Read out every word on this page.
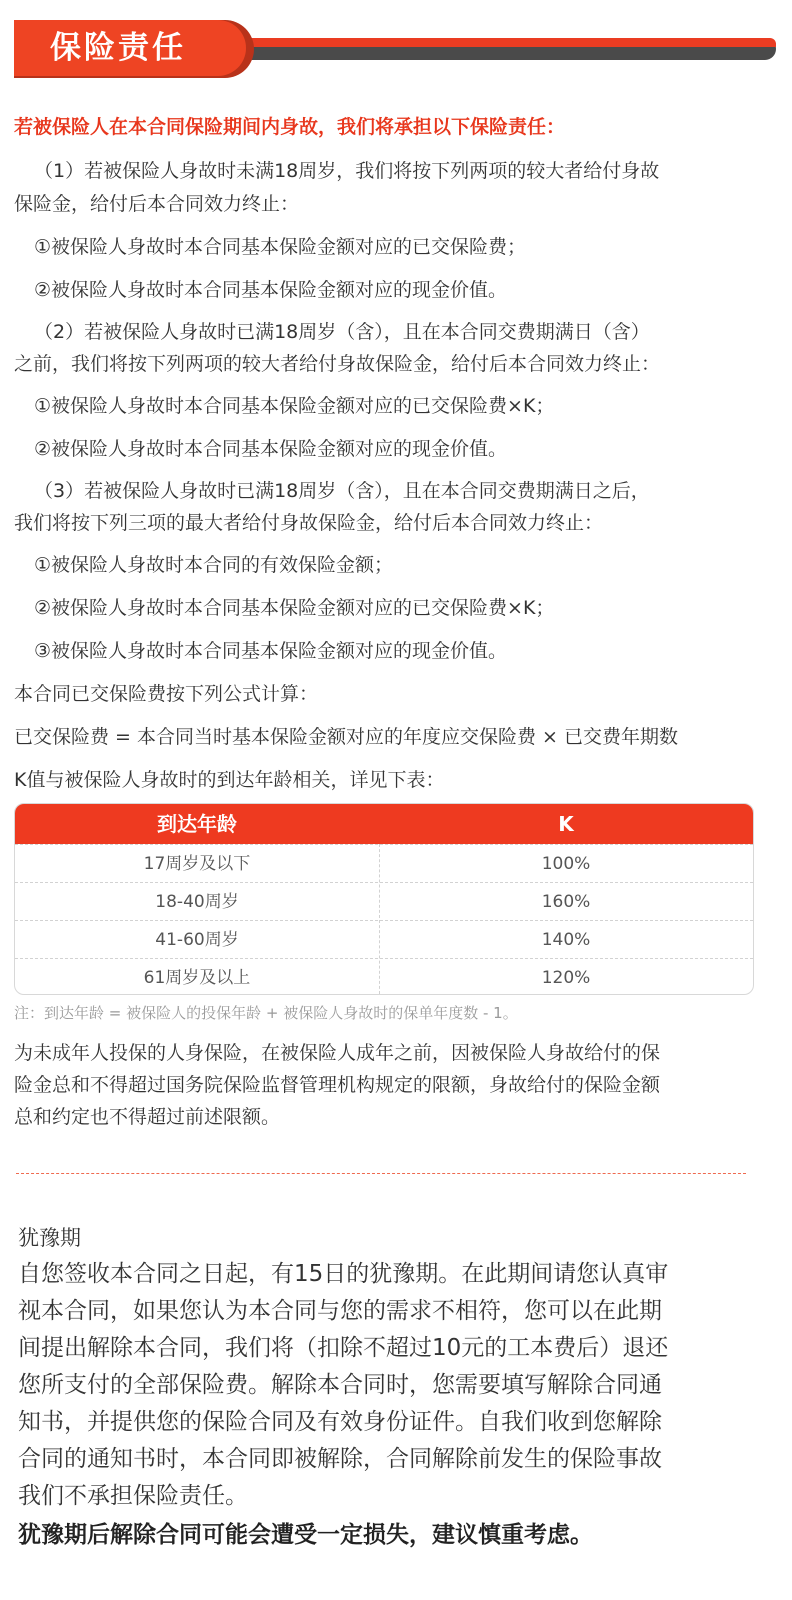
保险责任
若被保险人在本合同保险期间内身故，我们将承担以下保险责任：
（1）若被保险人身故时未满18周岁，我们将按下列两项的较大者给付身故
保险金，给付后本合同效力终止：
①被保险人身故时本合同基本保险金额对应的已交保险费；
②被保险人身故时本合同基本保险金额对应的现金价值。
（2）若被保险人身故时已满18周岁（含），且在本合同交费期满日（含）
之前，我们将按下列两项的较大者给付身故保险金，给付后本合同效力终止：
①被保险人身故时本合同基本保险金额对应的已交保险费×K；
②被保险人身故时本合同基本保险金额对应的现金价值。
（3）若被保险人身故时已满18周岁（含），且在本合同交费期满日之后，
我们将按下列三项的最大者给付身故保险金，给付后本合同效力终止：
①被保险人身故时本合同的有效保险金额；
②被保险人身故时本合同基本保险金额对应的已交保险费×K；
③被保险人身故时本合同基本保险金额对应的现金价值。
本合同已交保险费按下列公式计算：
已交保险费 = 本合同当时基本保险金额对应的年度应交保险费 × 已交费年期数
K值与被保险人身故时的到达年龄相关，详见下表：
到达年龄	K
17周岁及以下	100%
18-40周岁	160%
41-60周岁	140%
61周岁及以上	120%
注：到达年龄 = 被保险人的投保年龄 + 被保险人身故时的保单年度数 - 1。
为未成年人投保的人身保险，在被保险人成年之前，因被保险人身故给付的保
险金总和不得超过国务院保险监督管理机构规定的限额，身故给付的保险金额
总和约定也不得超过前述限额。
犹豫期
自您签收本合同之日起，有15日的犹豫期。在此期间请您认真审
视本合同，如果您认为本合同与您的需求不相符，您可以在此期
间提出解除本合同，我们将（扣除不超过10元的工本费后）退还
您所支付的全部保险费。解除本合同时，您需要填写解除合同通
知书，并提供您的保险合同及有效身份证件。自我们收到您解除
合同的通知书时，本合同即被解除，合同解除前发生的保险事故
我们不承担保险责任。
犹豫期后解除合同可能会遭受一定损失，建议慎重考虑。
